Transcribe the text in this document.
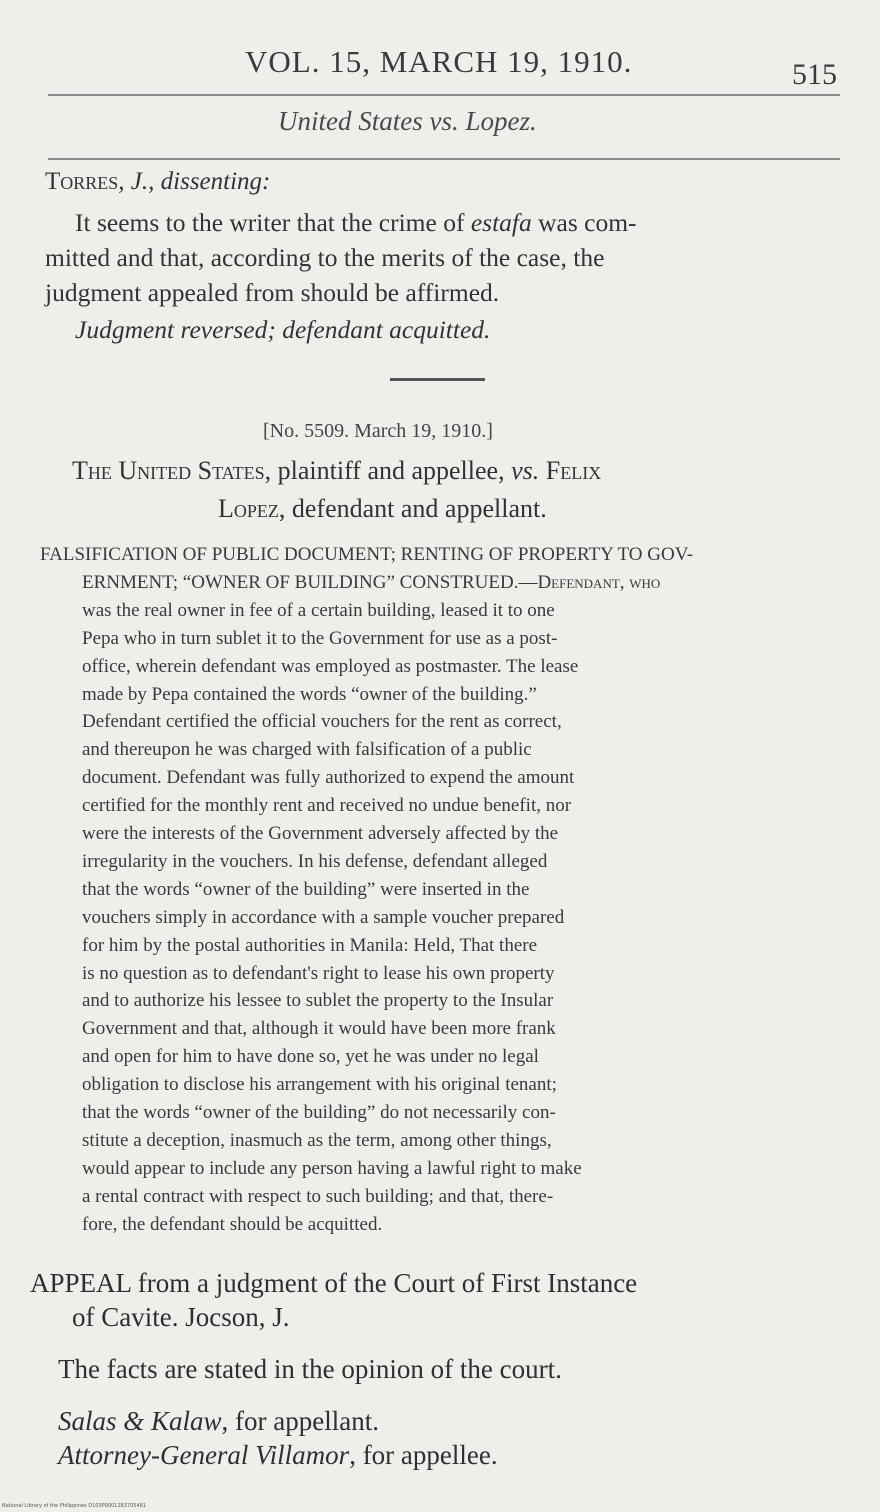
VOL. 15, MARCH 19, 1910.	515
United States vs. Lopez.
Torres, J., dissenting:
It seems to the writer that the crime of estafa was com-
mitted and that, according to the merits of the case, the
judgment appealed from should be affirmed.
Judgment reversed; defendant acquitted.
[No. 5509. March 19, 1910.]
The United States, plaintiff and appellee, vs. Felix
Lopez, defendant and appellant.
FALSIFICATION OF PUBLIC DOCUMENT; RENTING OF PROPERTY TO GOV-
ERNMENT; “OWNER OF BUILDING” CONSTRUED.—Defendant, who
was the real owner in fee of a certain building, leased it to one
Pepa who in turn sublet it to the Government for use as a post-
office, wherein defendant was employed as postmaster. The lease
made by Pepa contained the words “owner of the building.”
Defendant certified the official vouchers for the rent as correct,
and thereupon he was charged with falsification of a public
document. Defendant was fully authorized to expend the amount
certified for the monthly rent and received no undue benefit, nor
were the interests of the Government adversely affected by the
irregularity in the vouchers. In his defense, defendant alleged
that the words “owner of the building” were inserted in the
vouchers simply in accordance with a sample voucher prepared
for him by the postal authorities in Manila: Held, That there
is no question as to defendant's right to lease his own property
and to authorize his lessee to sublet the property to the Insular
Government and that, although it would have been more frank
and open for him to have done so, yet he was under no legal
obligation to disclose his arrangement with his original tenant;
that the words “owner of the building” do not necessarily con-
stitute a deception, inasmuch as the term, among other things,
would appear to include any person having a lawful right to make
a rental contract with respect to such building; and that, there-
fore, the defendant should be acquitted.
APPEAL from a judgment of the Court of First Instance
of Cavite. Jocson, J.
The facts are stated in the opinion of the court.
Salas & Kalaw, for appellant.
Attorney-General Villamor, for appellee.
National Library of the Philippines D103P0001283705481
